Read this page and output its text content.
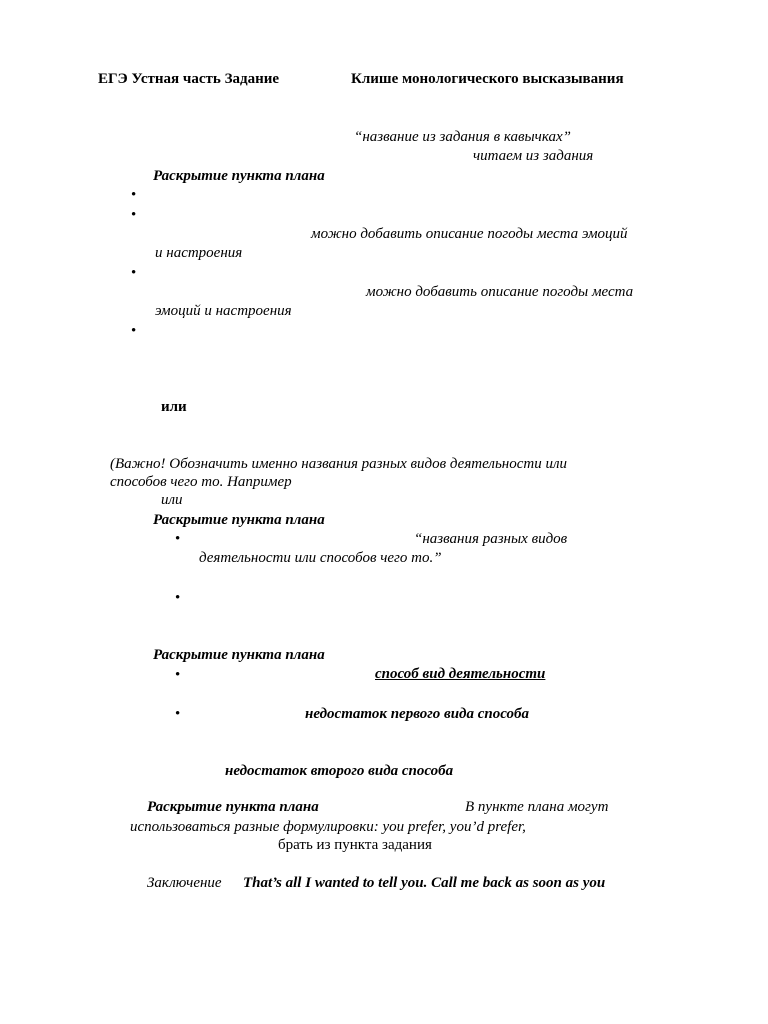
ЕГЭ Устная часть Задание	Клише монологического высказывания
“название из задания в кавычках”
читаем из задания
Раскрытие пункта плана
•
•
можно добавить описание погоды места эмоций
и настроения
•
можно добавить описание погоды места
эмоций и настроения
•
или
(Важно! Обозначить именно названия разных видов деятельности или
способов чего то. Например
или
Раскрытие пункта плана
•	“названия разных видов
деятельности или способов чего то.”
•
Раскрытие пункта плана
•	способ вид деятельности
•	недостаток первого вида способа
недостаток второго вида способа
Раскрытие пункта плана	В пункте плана могут
использоваться разные формулировки: you prefer, you’d prefer,
брать из пункта задания
Заключение That’s all I wanted to tell you. Call me back as soon as you
